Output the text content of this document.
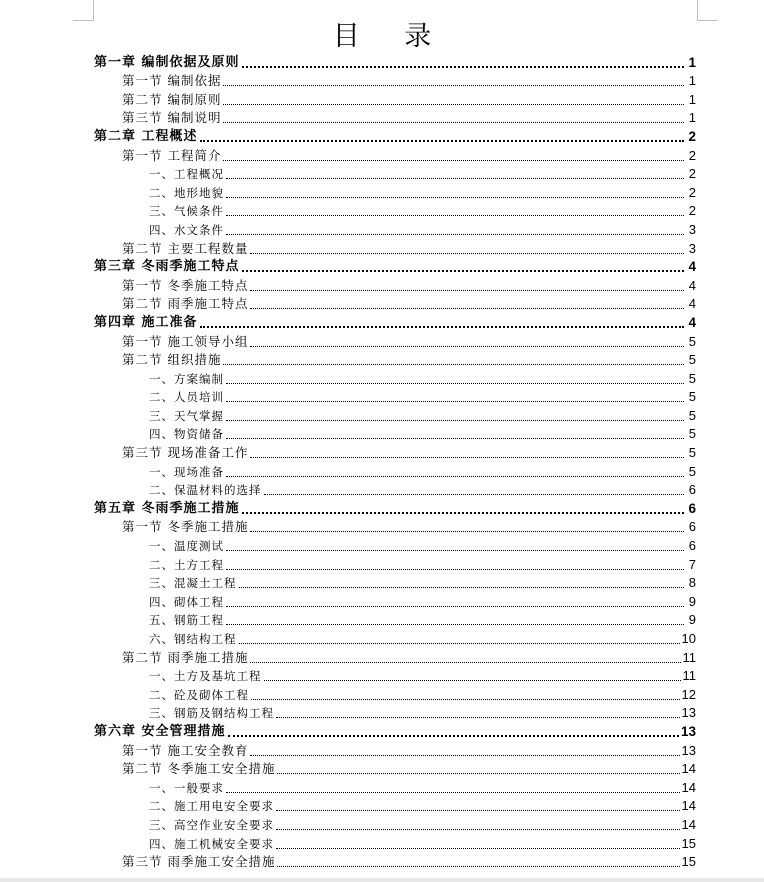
目 录
第一章 编制依据及原则	1
第一节 编制依据	1
第二节 编制原则	1
第三节 编制说明	1
第二章 工程概述	2
第一节 工程简介	2
一、工程概况	2
二、地形地貌	2
三、气候条件	2
四、水文条件	3
第二节 主要工程数量	3
第三章 冬雨季施工特点	4
第一节 冬季施工特点	4
第二节 雨季施工特点	4
第四章 施工准备	4
第一节 施工领导小组	5
第二节 组织措施	5
一、方案编制	5
二、人员培训	5
三、天气掌握	5
四、物资储备	5
第三节 现场准备工作	5
一、现场准备	5
二、保温材料的选择	6
第五章 冬雨季施工措施	6
第一节 冬季施工措施	6
一、温度测试	6
二、土方工程	7
三、混凝土工程	8
四、砌体工程	9
五、钢筋工程	9
六、钢结构工程	10
第二节 雨季施工措施	11
一、土方及基坑工程	11
二、砼及砌体工程	12
三、钢筋及钢结构工程	13
第六章 安全管理措施	13
第一节 施工安全教育	13
第二节 冬季施工安全措施	14
一、一般要求	14
二、施工用电安全要求	14
三、高空作业安全要求	14
四、施工机械安全要求	15
第三节 雨季施工安全措施	15
